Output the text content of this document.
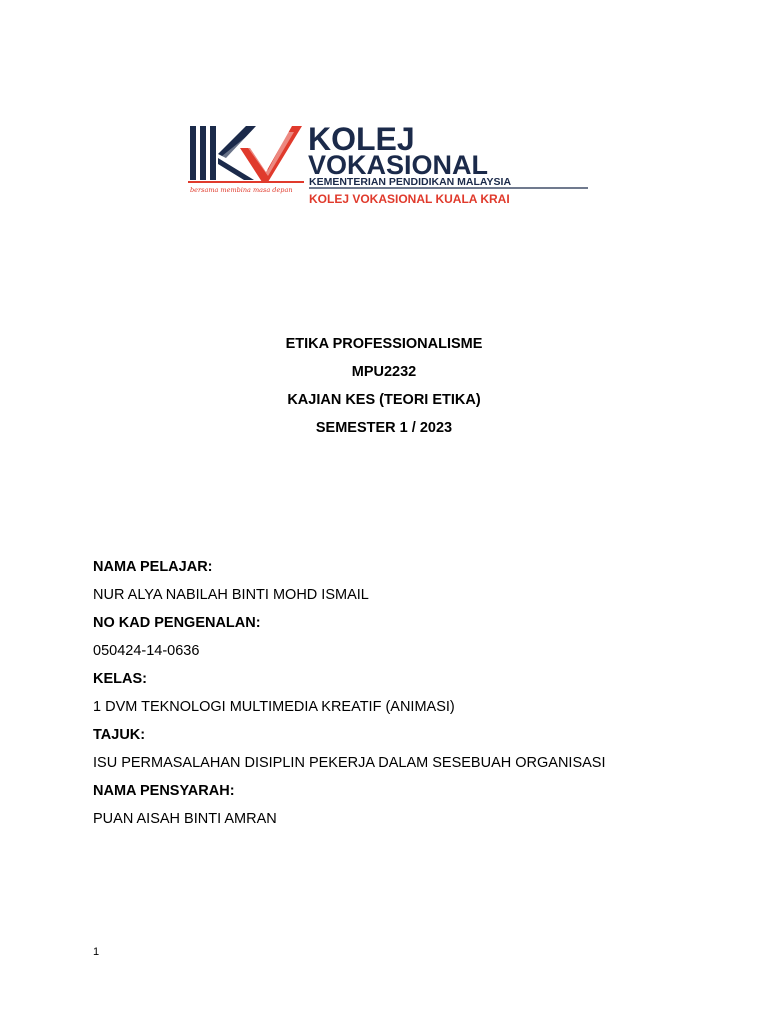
bersama membina masa depan
KOLEJ
VOKASIONAL
KEMENTERIAN PENDIDIKAN MALAYSIA
KOLEJ VOKASIONAL KUALA KRAI
ETIKA PROFESSIONALISME
MPU2232
KAJIAN KES (TEORI ETIKA)
SEMESTER 1 / 2023
NAMA PELAJAR:
NUR ALYA NABILAH BINTI MOHD ISMAIL
NO KAD PENGENALAN:
050424-14-0636
KELAS:
1 DVM TEKNOLOGI MULTIMEDIA KREATIF (ANIMASI)
TAJUK:
ISU PERMASALAHAN DISIPLIN PEKERJA DALAM SESEBUAH ORGANISASI
NAMA PENSYARAH:
PUAN AISAH BINTI AMRAN
1
